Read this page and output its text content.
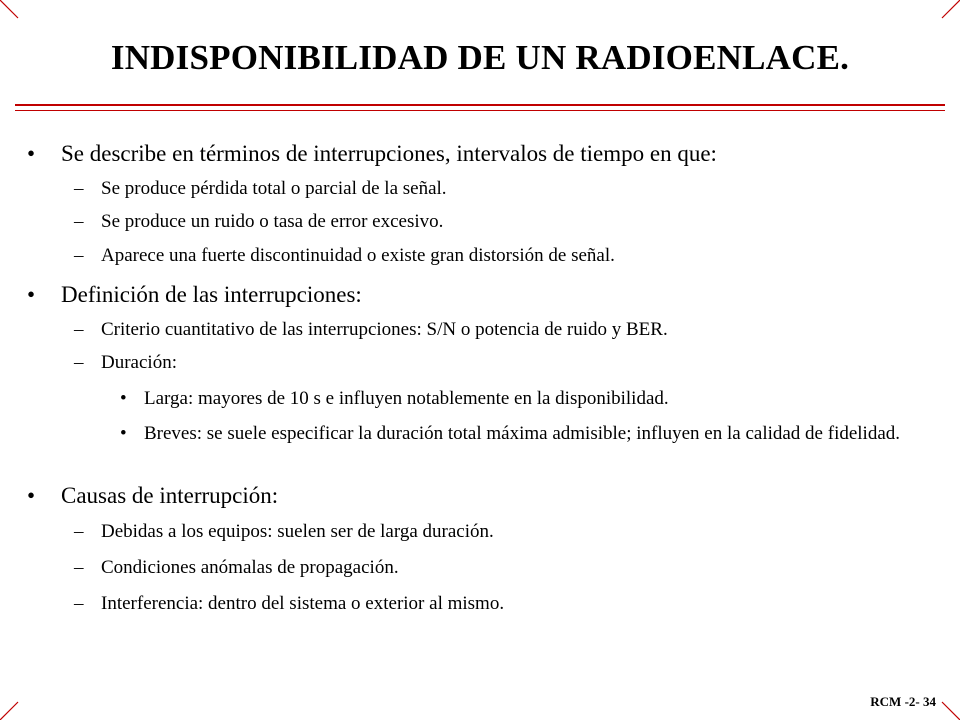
INDISPONIBILIDAD DE UN RADIOENLACE.
• Se describe en términos de interrupciones, intervalos de tiempo en que:
– Se produce pérdida total o parcial de la señal.
– Se produce un ruido o tasa de error excesivo.
– Aparece una fuerte discontinuidad o existe gran distorsión de señal.
• Definición de las interrupciones:
– Criterio cuantitativo de las interrupciones: S/N o potencia de ruido y BER.
– Duración:
• Larga: mayores de 10 s e influyen notablemente en la disponibilidad.
• Breves: se suele especificar la duración total máxima admisible; influyen en la calidad de fidelidad.
• Causas de interrupción:
– Debidas a los equipos: suelen ser de larga duración.
– Condiciones anómalas de propagación.
– Interferencia: dentro del sistema o exterior al mismo.
RCM -2- 34
